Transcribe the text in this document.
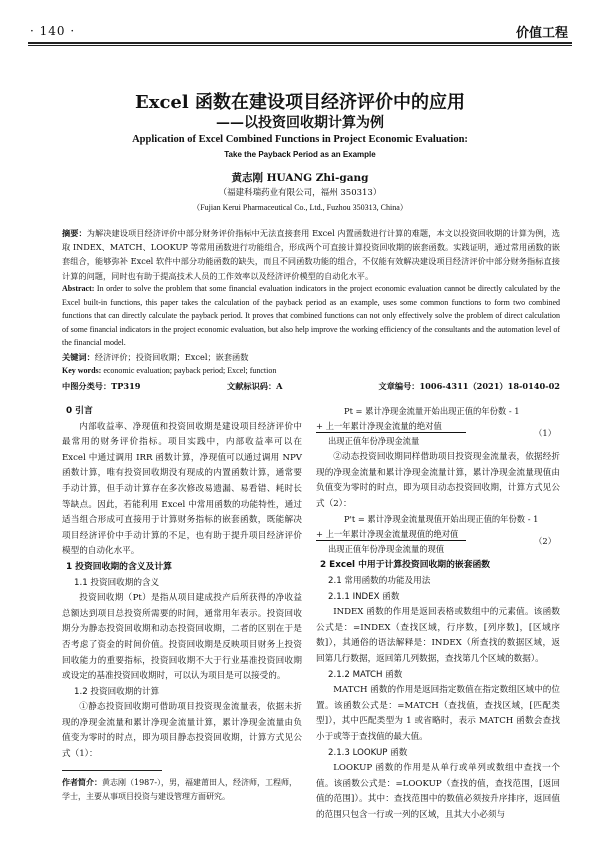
· 140 ·	价值工程
Excel 函数在建设项目经济评价中的应用
——以投资回收期计算为例
Application of Excel Combined Functions in Project Economic Evaluation:
Take the Payback Period as an Example
黄志刚 HUANG Zhi-gang
（福建科瑞药业有限公司，福州 350313）
（Fujian Kerui Pharmaceutical Co., Ltd., Fuzhou 350313, China）
摘要：为解决建设项目经济评价中部分财务评价指标中无法直接套用 Excel 内置函数进行计算的难题，本文以投资回收期的计算为例，选取 INDEX、MATCH、LOOKUP 等常用函数进行功能组合，形成两个可直接计算投资回收期的嵌套函数。实践证明，通过常用函数的嵌套组合，能够弥补 Excel 软件中部分功能函数的缺失，而且不同函数功能的组合，不仅能有效解决建设项目经济评价中部分财务指标直接计算的问题，同时也有助于提高技术人员的工作效率以及经济评价模型的自动化水平。
Abstract: In order to solve the problem that some financial evaluation indicators in the project economic evaluation cannot be directly calculated by the Excel built-in functions, this paper takes the calculation of the payback period as an example, uses some common functions to form two combined functions that can directly calculate the payback period. It proves that combined functions can not only effectively solve the problem of direct calculation of some financial indicators in the project economic evaluation, but also help improve the working efficiency of the consultants and the automation level of the financial model.
关键词：经济评价；投资回收期；Excel；嵌套函数
Key words: economic evaluation; payback period; Excel; function
中图分类号：TP319	文献标识码：A	文章编号：1006-4311（2021）18-0140-02

0 引言

内部收益率、净现值和投资回收期是建设项目经济评价中最常用的财务评价指标。项目实践中，内部收益率可以在 Excel 中通过调用 IRR 函数计算，净现值可以通过调用 NPV 函数计算，唯有投资回收期没有现成的内置函数计算，通常要手动计算，但手动计算存在多次修改易遗漏、易看错、耗时长等缺点。因此，若能利用 Excel 中常用函数的功能特性，通过适当组合形成可直接用于计算财务指标的嵌套函数，既能解决项目经济评价中手动计算的不足，也有助于提升项目经济评价模型的自动化水平。

1 投资回收期的含义及计算

1.1 投资回收期的含义

投资回收期（Pt）是指从项目建成投产后所获得的净收益总额达到项目总投资所需要的时间，通常用年表示。投资回收期分为静态投资回收期和动态投资回收期，二者的区别在于是否考虑了资金的时间价值。投资回收期是反映项目财务上投资回收能力的重要指标，投资回收期不大于行业基准投资回收期或设定的基准投资回收期时，可以认为项目是可以接受的。

1.2 投资回收期的计算

①静态投资回收期可借助项目投资现金流量表，依据未折现的净现金流量和累计净现金流量计算，累计净现金流量由负值变为零时的时点，即为项目静态投资回收期，计算方式见公式（1）：

Pt = 累计净现金流量开始出现正值的年份数 - 1
+ 上一年累计净现金流量的绝对值
出现正值年份净现金流量
（1）

②动态投资回收期同样借助项目投资现金流量表，依据经折现的净现金流量和累计净现金流量计算，累计净现金流量现值由负值变为零时的时点，即为项目动态投资回收期，计算方式见公式（2）：

P't = 累计净现金流量现值开始出现正值的年份数 - 1
+ 上一年累计净现金流量现值的绝对值
出现正值年份净现金流量的现值
（2）

2 Excel 中用于计算投资回收期的嵌套函数

2.1 常用函数的功能及用法

2.1.1 INDEX 函数

INDEX 函数的作用是返回表格或数组中的元素值。该函数公式是：=INDEX（查找区域，行序数，[列序数]，[区域序数]），其通俗的语法解释是：INDEX（所查找的数据区域，返回第几行数据，返回第几列数据，查找第几个区域的数据）。

2.1.2 MATCH 函数

MATCH 函数的作用是返回指定数值在指定数组区域中的位置。该函数公式是：=MATCH（查找值，查找区域，[匹配类型]），其中匹配类型为 1 或省略时，表示 MATCH 函数会查找小于或等于查找值的最大值。

2.1.3 LOOKUP 函数

LOOKUP 函数的作用是从单行或单列或数组中查找一个值。该函数公式是：=LOOKUP（查找的值，查找范围，[返回值的范围]）。其中：查找范围中的数值必须按升序排序，返回值的范围只包含一行或一列的区域，且其大小必须与

作者简介：黄志刚（1987-），男，福建莆田人，经济师，工程师，学士，主要从事项目投资与建设管理方面研究。
